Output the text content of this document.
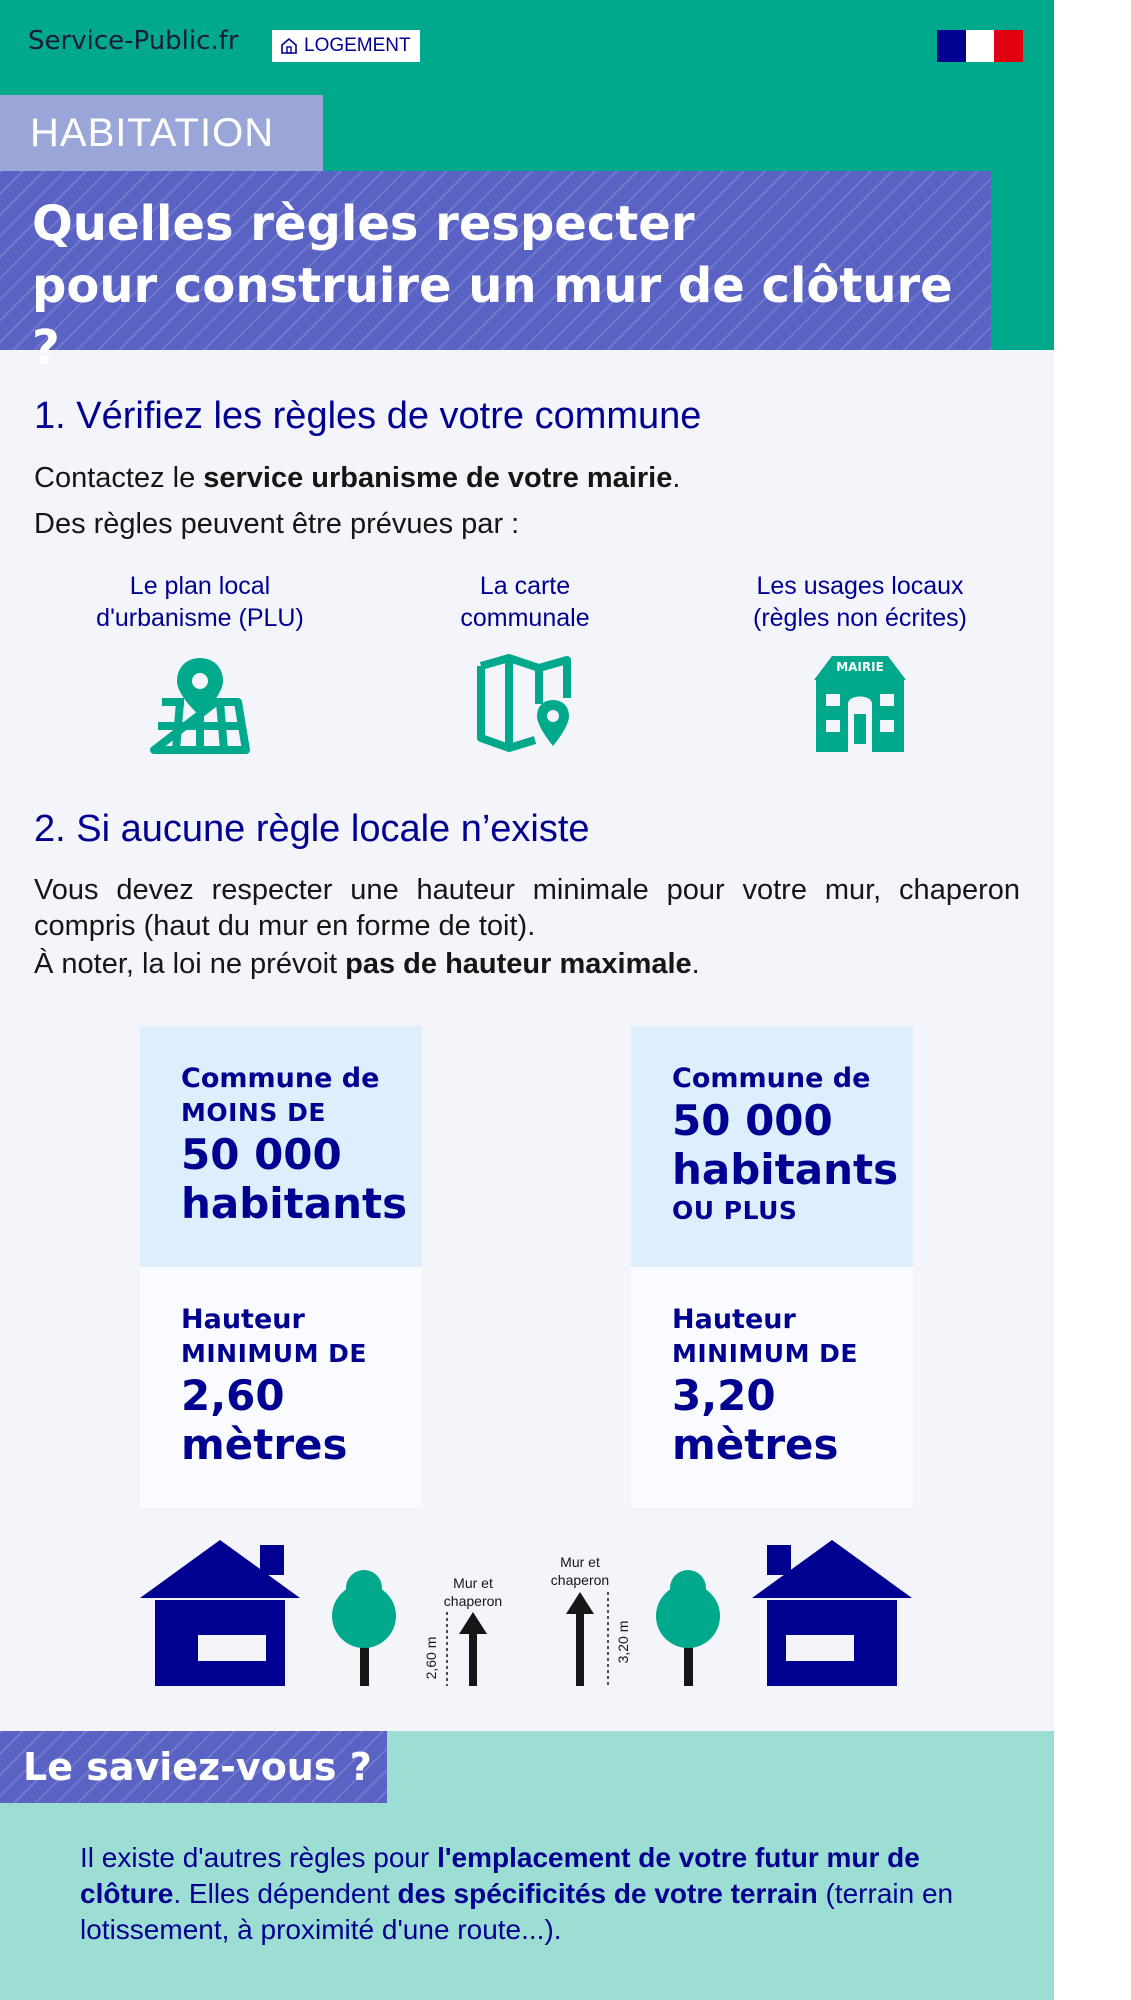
Service-Public.fr	LOGEMENT
HABITATION
Quelles règles respecter
pour construire un mur de clôture ?
1. Vérifiez les règles de votre commune
Contactez le service urbanisme de votre mairie.
Des règles peuvent être prévues par :
Le plan local
d'urbanisme (PLU)
La carte
communale
Les usages locaux
(règles non écrites)
MAIRIE
2. Si aucune règle locale n’existe
Vous devez respecter une hauteur minimale pour votre mur, chaperon compris (haut du mur en forme de toit).
À noter, la loi ne prévoit pas de hauteur maximale.
Commune de
MOINS DE
50 000
habitants
Hauteur
MINIMUM DE
2,60
mètres
Commune de
50 000
habitants
OU PLUS
Hauteur
MINIMUM DE
3,20
mètres
Mur et
chaperon
2,60 m
Mur et
chaperon
3,20 m
Le saviez-vous ?
Il existe d'autres règles pour l'emplacement de votre futur mur de clôture. Elles dépendent des spécificités de votre terrain (terrain en lotissement, à proximité d'une route...).
